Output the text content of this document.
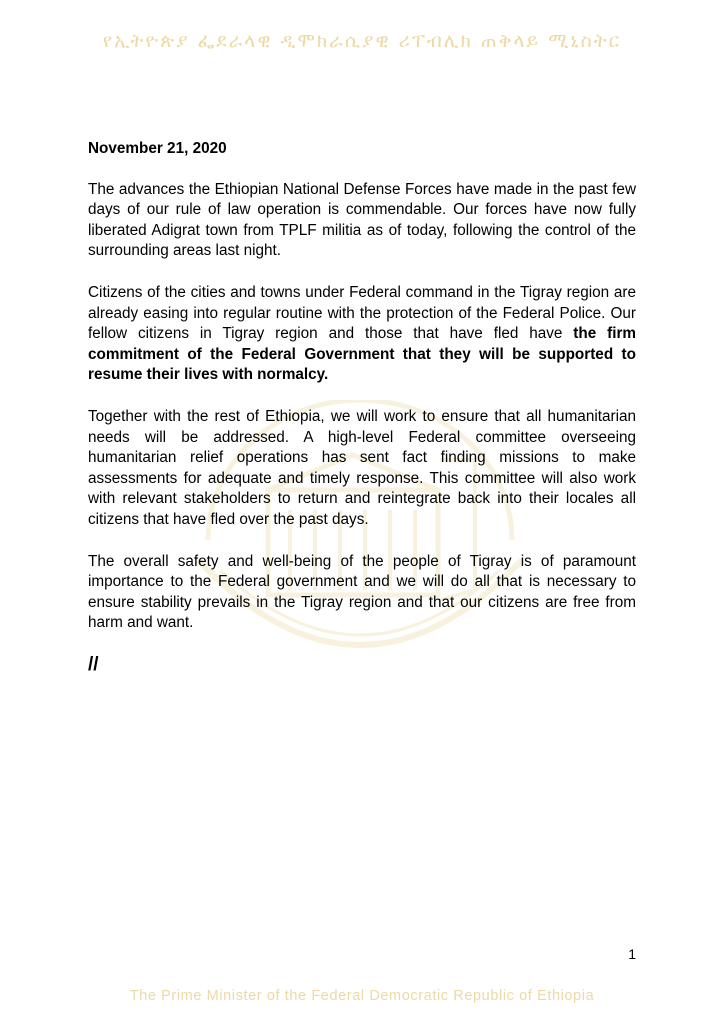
የኢትዮጵያ ፌደራላዊ ዲሞክራሲያዊ ሪፐብሊክ ጠቅላይ ሚኒስትር
November 21, 2020

The advances the Ethiopian National Defense Forces have made in the past few days of our rule of law operation is commendable. Our forces have now fully liberated Adigrat town from TPLF militia as of today, following the control of the surrounding areas last night.

Citizens of the cities and towns under Federal command in the Tigray region are already easing into regular routine with the protection of the Federal Police. Our fellow citizens in Tigray region and those that have fled have the firm commitment of the Federal Government that they will be supported to resume their lives with normalcy.

Together with the rest of Ethiopia, we will work to ensure that all humanitarian needs will be addressed. A high-level Federal committee overseeing humanitarian relief operations has sent fact finding missions to make assessments for adequate and timely response. This committee will also work with relevant stakeholders to return and reintegrate back into their locales all citizens that have fled over the past days.

The overall safety and well-being of the people of Tigray is of paramount importance to the Federal government and we will do all that is necessary to ensure stability prevails in the Tigray region and that our citizens are free from harm and want.

//
1
The Prime Minister of the Federal Democratic Republic of Ethiopia
